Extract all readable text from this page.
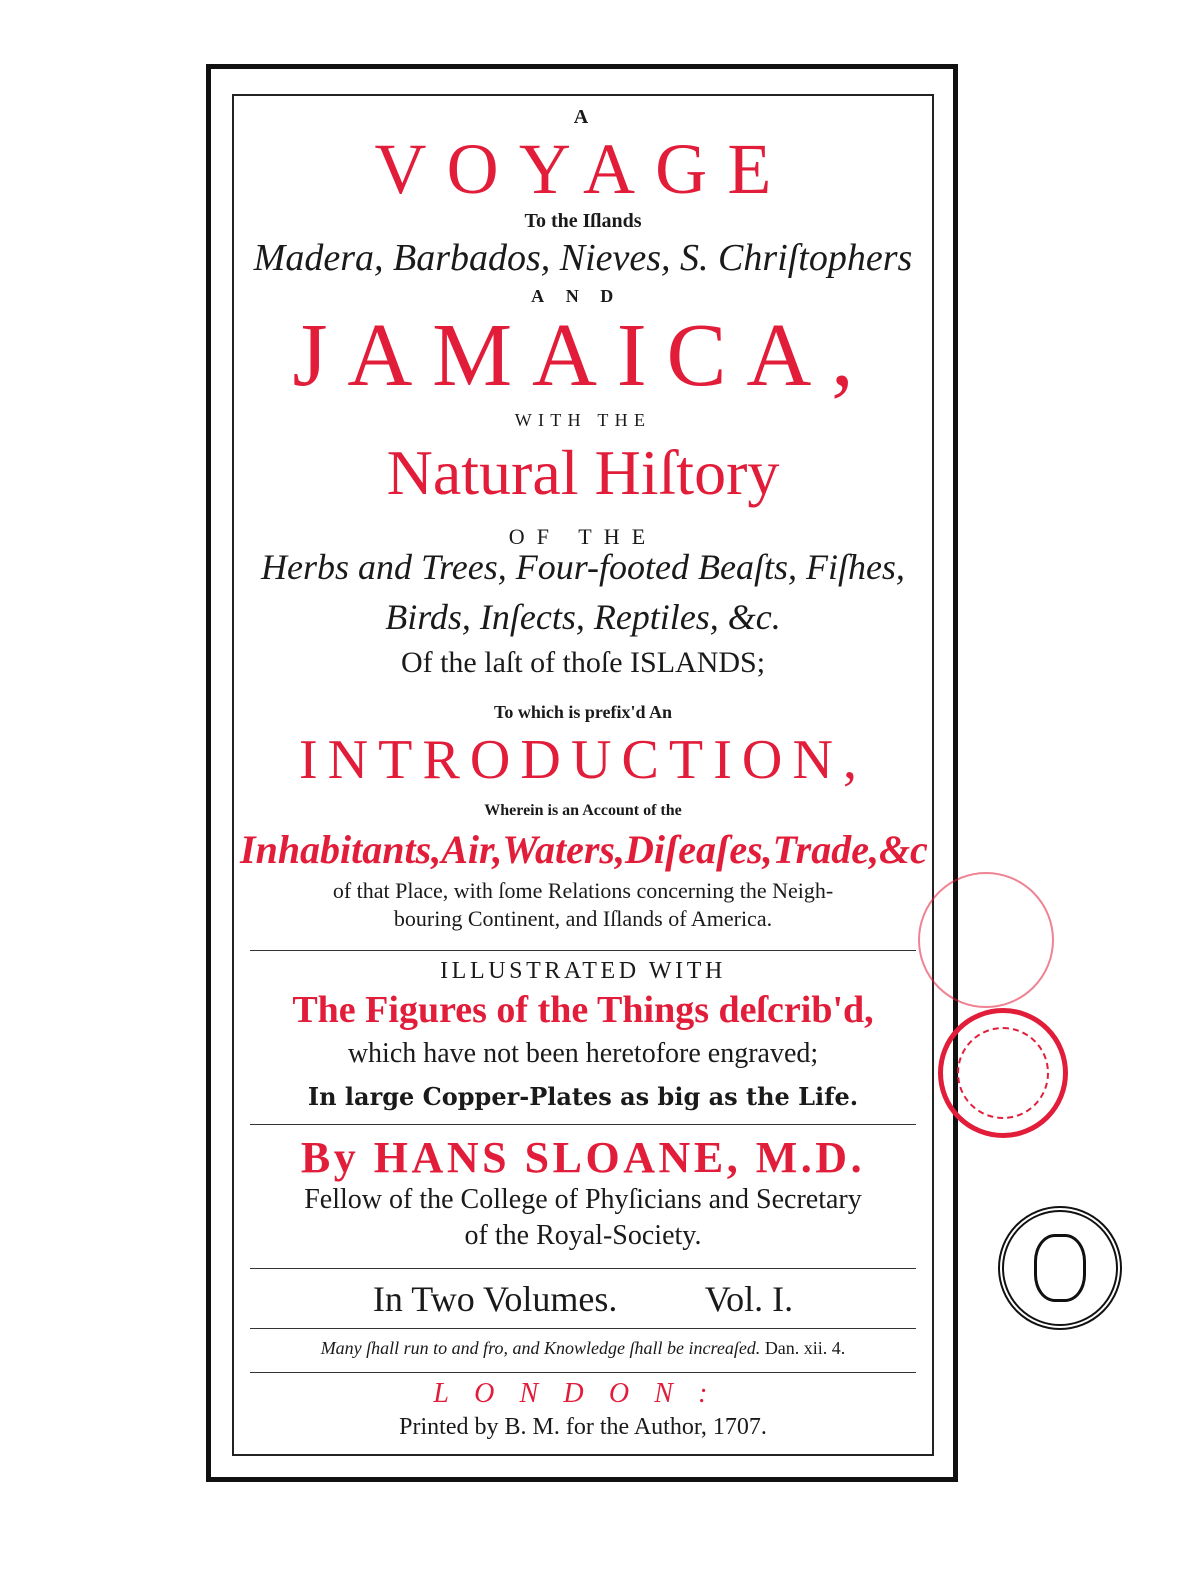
A
VOYAGE
To the Iſlands
Madera, Barbados, Nieves, S. Chriſtophers
AND
JAMAICA,
WITH THE
Natural Hiſtory
OF THE
Herbs and Trees, Four-footed Beaſts, Fiſhes,
Birds, Inſects, Reptiles, &c.
Of the laſt of thoſe ISLANDS;
To which is prefix'd An
INTRODUCTION,
Wherein is an Account of the
Inhabitants,Air,Waters,Diſeaſes,Trade,&c
of that Place, with ſome Relations concerning the Neigh-
bouring Continent, and Iſlands of America.
ILLUSTRATED WITH
The Figures of the Things deſcrib'd,
which have not been heretofore engraved;
In large Copper-Plates as big as the Life.
By HANS SLOANE, M.D.
Fellow of the College of Phyſicians and Secretary
of the Royal-Society.
In Two Volumes. Vol. I.
Many ſhall run to and fro, and Knowledge ſhall be increaſed. Dan. xii. 4.
LONDON:
Printed by B. M. for the Author, 1707.
